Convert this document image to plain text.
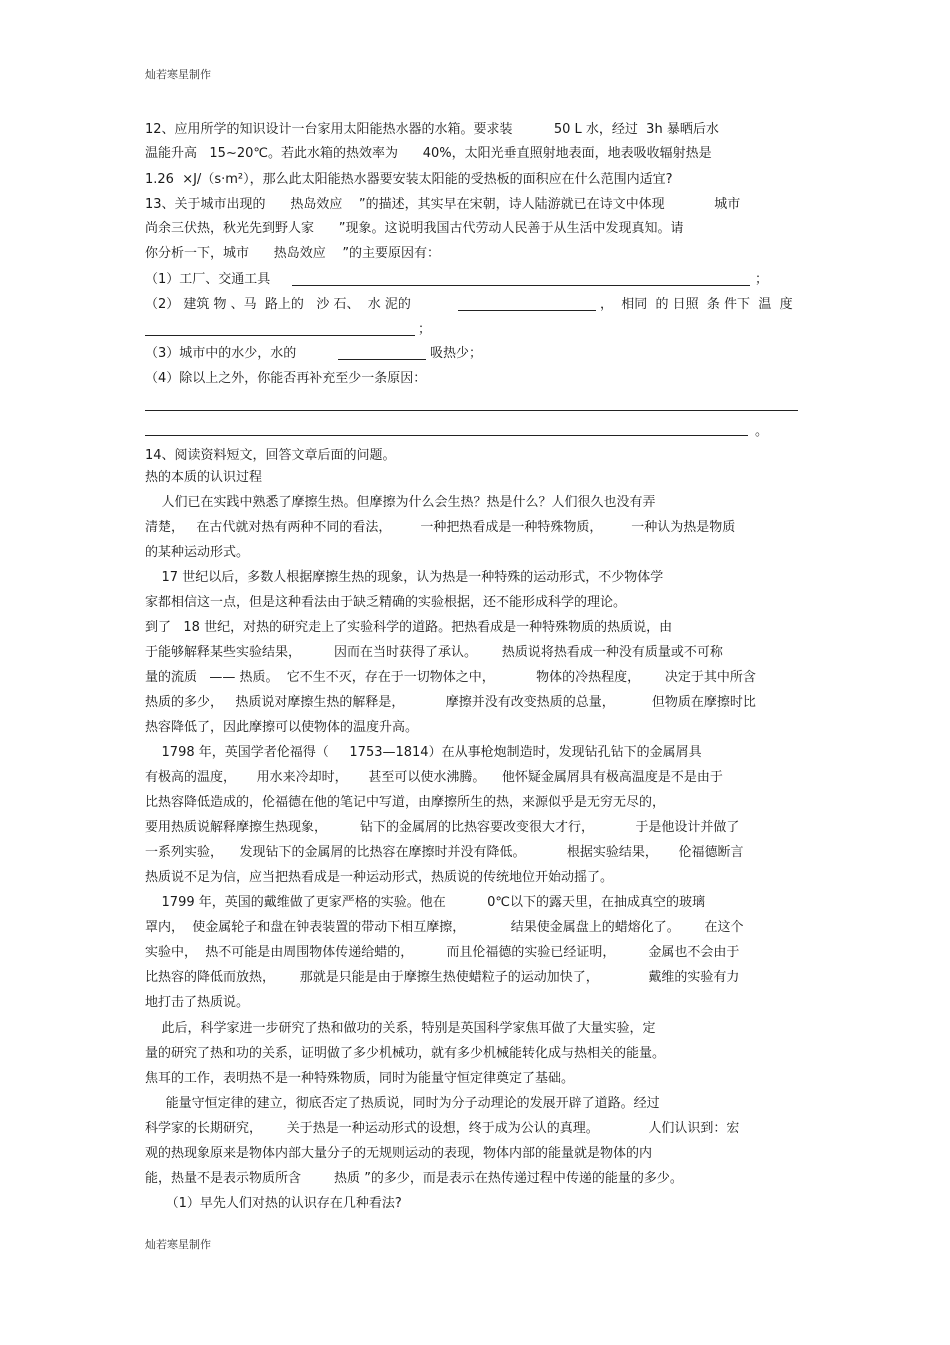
灿若寒星制作
12、应用所学的知识设计一台家用太阳能热水器的水箱。要求装          50 L 水，经过  3h 暴晒后水
温能升高   15~20℃。若此水箱的热效率为      40%，太阳光垂直照射地表面，地表吸收辐射热是
1.26  ×J/（s·m²），那么此太阳能热水器要安装太阳能的受热板的面积应在什么范围内适宜?
13、关于城市出现的      热岛效应    ”的描述，其实早在宋朝，诗人陆游就已在诗文中体现            城市
尚余三伏热，秋光先到野人家      ”现象。这说明我国古代劳动人民善于从生活中发现真知。请
你分析一下，城市      热岛效应    ”的主要原因有：
（1）工厂、交通工具	；
（2） 建筑 物 、马  路上的   沙 石、  水 泥的	，  相同  的 日照  条 件下  温  度
；
（3）城市中的水少，水的	吸热少；
（4）除以上之外，你能否再补充至少一条原因：
。
14、阅读资料短文，回答文章后面的问题。
热的本质的认识过程
人们已在实践中熟悉了摩擦生热。但摩擦为什么会生热？热是什么？人们很久也没有弄
清楚，   在古代就对热有两种不同的看法，       一种把热看成是一种特殊物质，       一种认为热是物质
的某种运动形式。
17 世纪以后，多数人根据摩擦生热的现象，认为热是一种特殊的运动形式，不少物体学
家都相信这一点，但是这种看法由于缺乏精确的实验根据，还不能形成科学的理论。
到了   18 世纪，对热的研究走上了实验科学的道路。把热看成是一种特殊物质的热质说，由
于能够解释某些实验结果，        因而在当时获得了承认。      热质说将热看成一种没有质量或不可称
量的流质   —— 热质。  它不生不灭，存在于一切物体之中，          物体的冷热程度，      决定于其中所含
热质的多少，   热质说对摩擦生热的解释是，          摩擦并没有改变热质的总量，         但物质在摩擦时比
热容降低了，因此摩擦可以使物体的温度升高。
1798 年，英国学者伦福得（     1753—1814）在从事枪炮制造时，发现钻孔钻下的金属屑具
有极高的温度，     用水来冷却时，     甚至可以使水沸腾。    他怀疑金属屑具有极高温度是不是由于
比热容降低造成的，伦福德在他的笔记中写道，由摩擦所生的热，来源似乎是无穷无尽的，
要用热质说解释摩擦生热现象，        钻下的金属屑的比热容要改变很大才行，          于是他设计并做了
一系列实验，    发现钻下的金属屑的比热容在摩擦时并没有降低。          根据实验结果，     伦福德断言
热质说不足为信，应当把热看成是一种运动形式，热质说的传统地位开始动摇了。
1799 年，英国的戴维做了更家严格的实验。他在          0℃以下的露天里，在抽成真空的玻璃
罩内，  使金属轮子和盘在钟表装置的带动下相互摩擦，           结果使金属盘上的蜡熔化了。      在这个
实验中，  热不可能是由周围物体传递给蜡的，        而且伦福德的实验已经证明，        金属也不会由于
比热容的降低而放热，      那就是只能是由于摩擦生热使蜡粒子的运动加快了，            戴维的实验有力
地打击了热质说。
此后，科学家进一步研究了热和做功的关系，特别是英国科学家焦耳做了大量实验，定
量的研究了热和功的关系，证明做了多少机械功，就有多少机械能转化成与热相关的能量。
焦耳的工作，表明热不是一种特殊物质，同时为能量守恒定律奠定了基础。
能量守恒定律的建立，彻底否定了热质说，同时为分子动理论的发展开辟了道路。经过
科学家的长期研究，      关于热是一种运动形式的设想，终于成为公认的真理。            人们认识到：宏
观的热现象原来是物体内部大量分子的无规则运动的表现，物体内部的能量就是物体的内
能，热量不是表示物质所含        热质 ”的多少，而是表示在热传递过程中传递的能量的多少。
（1）早先人们对热的认识存在几种看法?
灿若寒星制作
